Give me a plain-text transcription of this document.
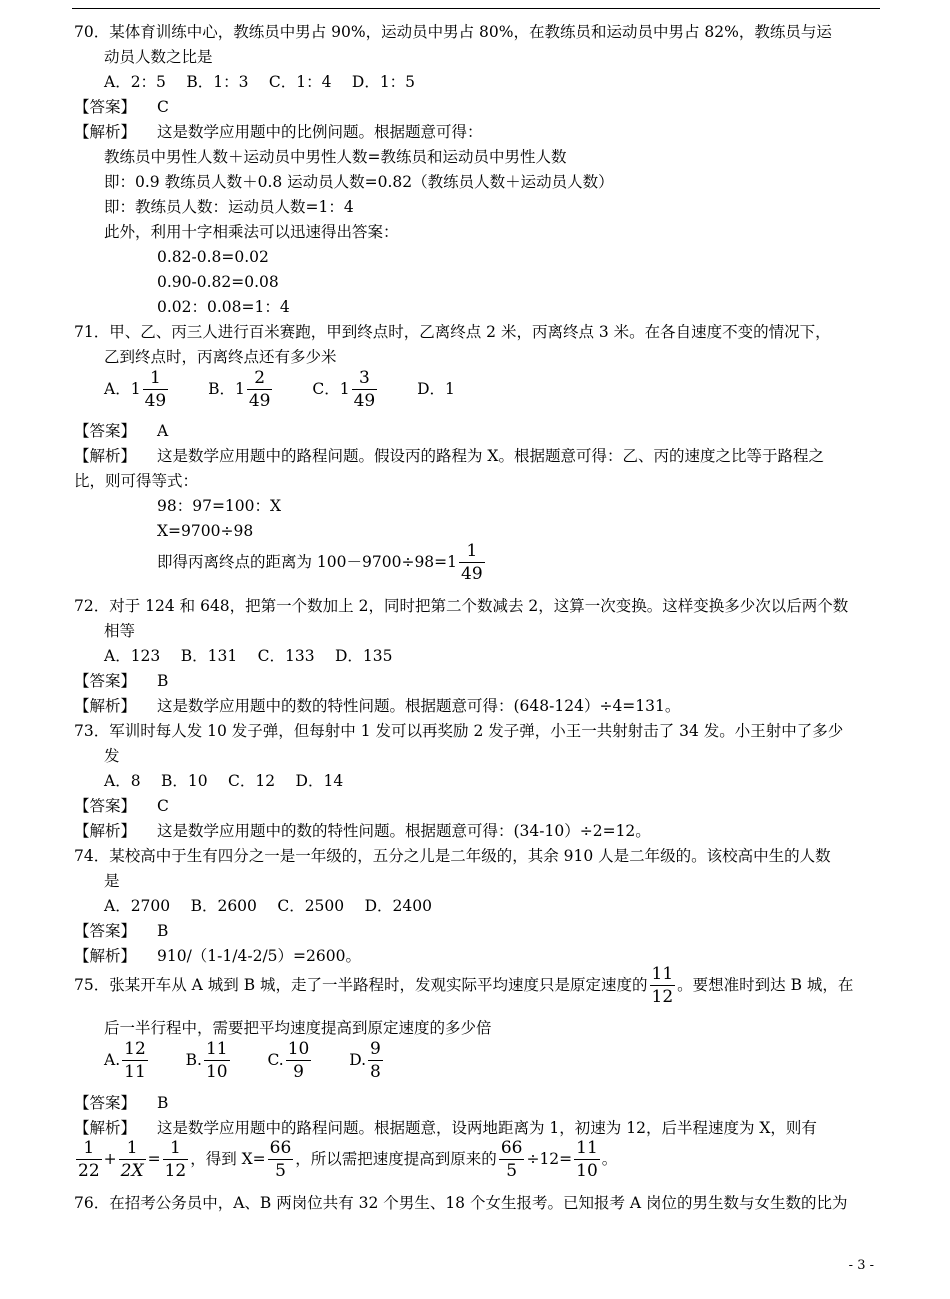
70．某体育训练中心，教练员中男占 90%，运动员中男占 80%，在教练员和运动员中男占 82%，教练员与运
动员人数之比是
A．2：5　 B．1：3　 C．1：4　 D．1：5
【答案】 C
【解析】 这是数学应用题中的比例问题。根据题意可得：
教练员中男性人数＋运动员中男性人数=教练员和运动员中男性人数
即：0.9 教练员人数＋0.8 运动员人数=0.82（教练员人数＋运动员人数）
即：教练员人数：运动员人数=1：4
此外，利用十字相乘法可以迅速得出答案：
0.82-0.8=0.02
0.90-0.82=0.08
0.02：0.08=1：4
71．甲、乙、丙三人进行百米赛跑，甲到终点时，乙离终点 2 米，丙离终点 3 米。在各自速度不变的情况下，
乙到终点时，丙离终点还有多少米
A．$1 \frac{1}{49}$	B．$1 \frac{2}{49}$	C．$1 \frac{3}{49}$	D．1
【答案】 A
【解析】 这是数学应用题中的路程问题。假设丙的路程为 X。根据题意可得：乙、丙的速度之比等于路程之
比，则可得等式：
98：97=100：X
X=9700÷98
即得丙离终点的距离为 $100-9700\div 98=1 \frac{1}{49}$
72．对于 124 和 648，把第一个数加上 2，同时把第二个数减去 2，这算一次变换。这样变换多少次以后两个数
相等
A．123　 B．131　 C．133　 D．135
【答案】 B
【解析】 这是数学应用题中的数的特性问题。根据题意可得：(648-124）÷4=131。
73．军训时每人发 10 发子弹，但每射中 1 发可以再奖励 2 发子弹，小王一共射射击了 34 发。小王射中了多少
发
A．8　 B．10　 C．12　 D．14
【答案】 C
【解析】 这是数学应用题中的数的特性问题。根据题意可得：(34-10）÷2=12。
74．某校高中于生有四分之一是一年级的，五分之儿是二年级的，其余 910 人是二年级的。该校高中生的人数
是
A．2700　 B．2600　 C．2500　 D．2400
【答案】 B
【解析】 910/（1-1/4-2/5）=2600。
75．张某开车从 A 城到 B 城，走了一半路程时，发观实际平均速度只是原定速度的 $\frac{11}{12}$ 。要想准时到达 B 城，在
后一半行程中，需要把平均速度提高到原定速度的多少倍
A. $\frac{12}{11} B$. $\frac{11}{10} C$. $\frac{10}{9} D$. $\frac{9}{8}$
【答案】 B
【解析】 这是数学应用题中的路程问题。根据题意，设两地距离为 1，初速为 12，后半程速度为 X，则有
$\frac{1}{22} + \frac{1}{2X} = \frac{1}{12}$ ，得到 $X= \frac{66}{5}$ ，所以需把速度提高到原来的 $\frac{66}{5} \div 12= \frac{11}{10}$ 。
76．在招考公务员中，A、B 两岗位共有 32 个男生、18 个女生报考。已知报考 A 岗位的男生数与女生数的比为
- 3 -
